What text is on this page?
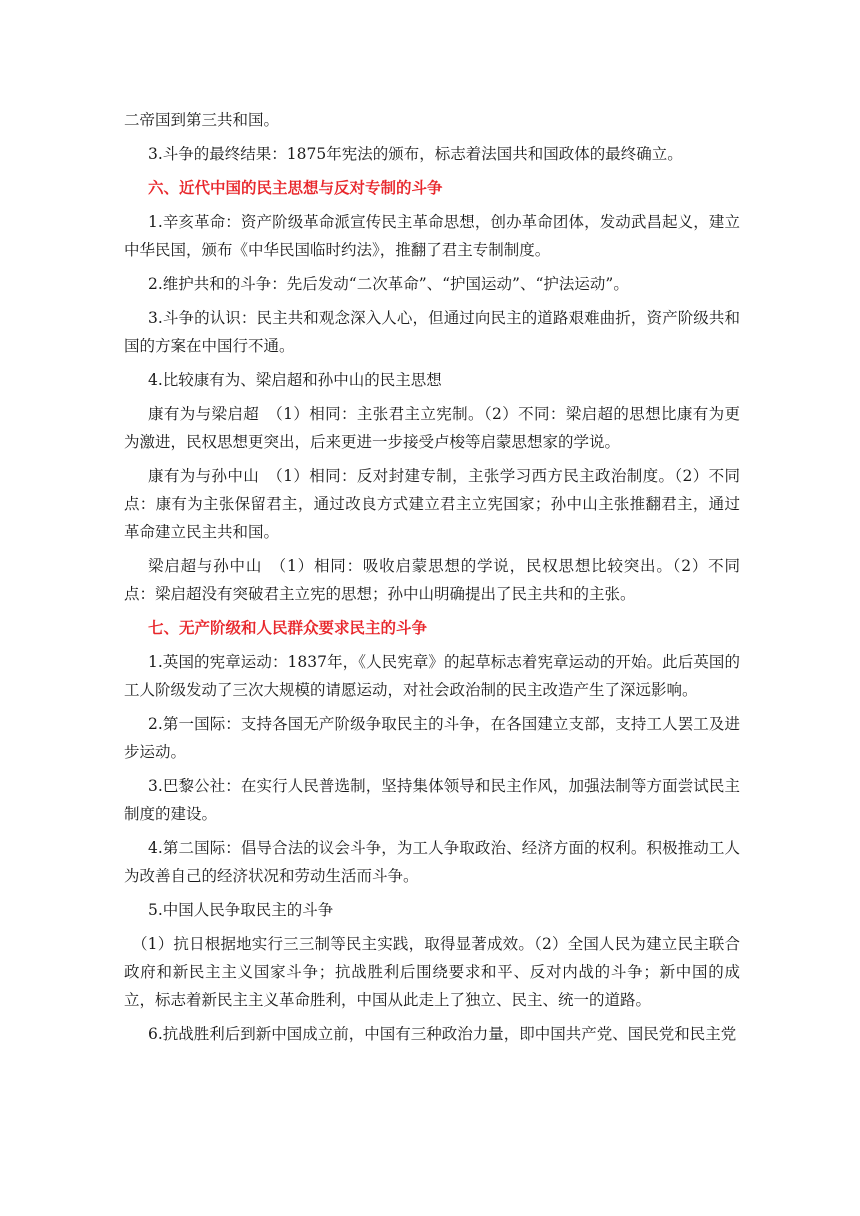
二帝国到第三共和国。

3.斗争的最终结果：1875年宪法的颁布，标志着法国共和国政体的最终确立。

六、近代中国的民主思想与反对专制的斗争

1.辛亥革命：资产阶级革命派宣传民主革命思想，创办革命团体，发动武昌起义，建立中华民国，颁布《中华民国临时约法》，推翻了君主专制制度。

2.维护共和的斗争：先后发动“二次革命”、“护国运动”、“护法运动”。

3.斗争的认识：民主共和观念深入人心，但通过向民主的道路艰难曲折，资产阶级共和国的方案在中国行不通。

4.比较康有为、梁启超和孙中山的民主思想

康有为与梁启超　（1）相同：主张君主立宪制。（2）不同：梁启超的思想比康有为更为激进，民权思想更突出，后来更进一步接受卢梭等启蒙思想家的学说。

康有为与孙中山　（1）相同：反对封建专制，主张学习西方民主政治制度。（2）不同点：康有为主张保留君主，通过改良方式建立君主立宪国家；孙中山主张推翻君主，通过革命建立民主共和国。

梁启超与孙中山　（1）相同：吸收启蒙思想的学说，民权思想比较突出。（2）不同点：梁启超没有突破君主立宪的思想；孙中山明确提出了民主共和的主张。

七、无产阶级和人民群众要求民主的斗争

1.英国的宪章运动：1837年，《人民宪章》的起草标志着宪章运动的开始。此后英国的工人阶级发动了三次大规模的请愿运动，对社会政治制的民主改造产生了深远影响。

2.第一国际：支持各国无产阶级争取民主的斗争，在各国建立支部，支持工人罢工及进步运动。

3.巴黎公社：在实行人民普选制，坚持集体领导和民主作风，加强法制等方面尝试民主制度的建设。

4.第二国际：倡导合法的议会斗争，为工人争取政治、经济方面的权利。积极推动工人为改善自己的经济状况和劳动生活而斗争。

5.中国人民争取民主的斗争

（1）抗日根据地实行三三制等民主实践，取得显著成效。（2）全国人民为建立民主联合政府和新民主主义国家斗争；抗战胜利后围绕要求和平、反对内战的斗争；新中国的成立，标志着新民主主义革命胜利，中国从此走上了独立、民主、统一的道路。

6.抗战胜利后到新中国成立前，中国有三种政治力量，即中国共产党、国民党和民主党
